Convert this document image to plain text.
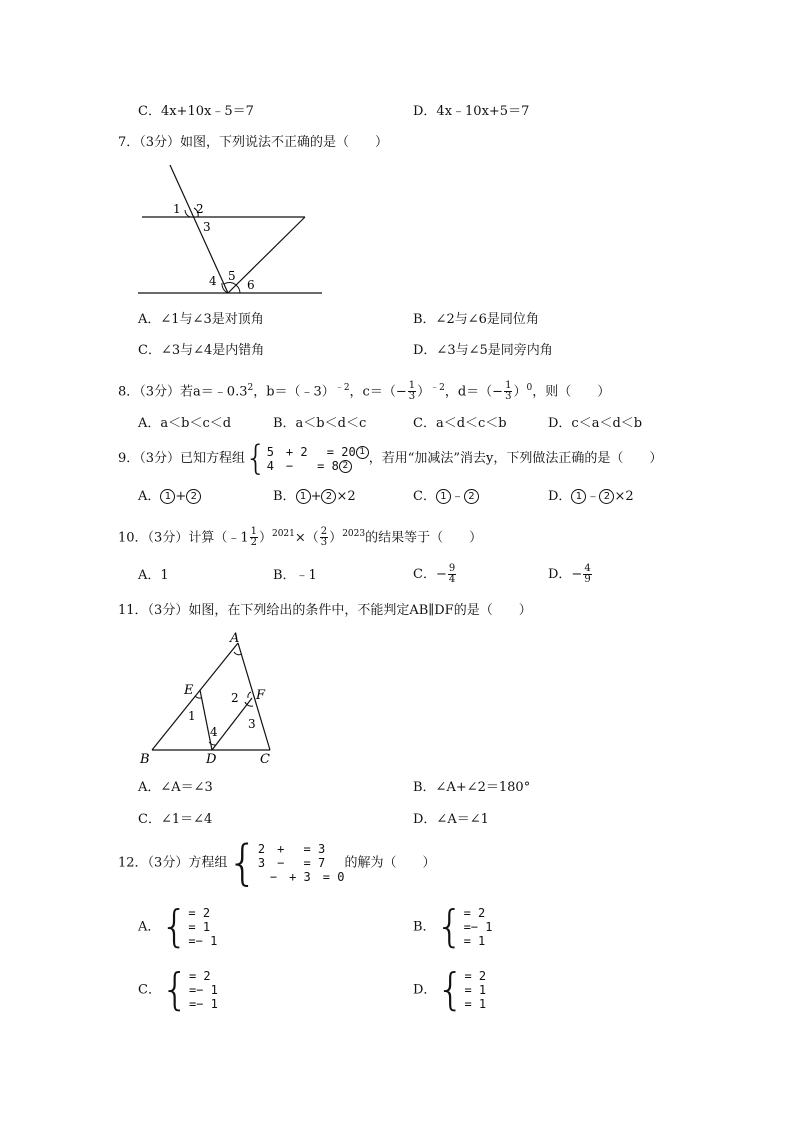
C．4x+10x﹣5＝7	D．4x﹣10x+5＝7
7．（3分）如图，下列说法不正确的是（　　）
1 2
3
4 5
6
A．∠1与∠3是对顶角	B．∠2与∠6是同位角
C．∠3与∠4是内错角	D．∠3与∠5是同旁内角
8．（3分）若$a=﹣0.3^2$，b＝（﹣3）$^{﹣2}$，$c=(- \frac{1}{3} )^{﹣2}$，$d=(- \frac{1}{3} )^0$，则（　　）
A．a＜b＜c＜d	B．a＜b＜d＜c	C．a＜d＜c＜b	D．c＜a＜d＜b
9．（3分）已知方程组{ 5　+ 2　 = 20 1
4　−　　= 8 2	，若用“加减法”消去y，下列做法正确的是（　　）
A． 1 + 2	B． 1 + 2 ×2	C． 1 ﹣ 2	D． 1 ﹣ 2 ×2
10．（3分）计算（﹣1 $\frac{1}{2} )^{2021}\times( \frac{2}{3} )^{2023}$的结果等于（　　）
A．1	B．﹣1	C．− $\frac{9}{4}$	D．− $\frac{4}{9}$
11．（3分）如图，在下列给出的条件中，不能判定AB∥DF的是（　　）
A
B	C
D
E	F
1
2
3
4
A．∠A＝∠3	B．∠A+∠2＝180°
C．∠1＝∠4	D．∠A＝∠1
12．（3分）方程组{ 2　+　 = 3
3　−　 = 7
　−　+ 3　= 0
的解为（　　）
A．{ = 2
= 1
=− 1
B．{ = 2
=− 1
= 1
C．{ = 2
=− 1
=− 1
D．{ = 2
= 1
= 1
